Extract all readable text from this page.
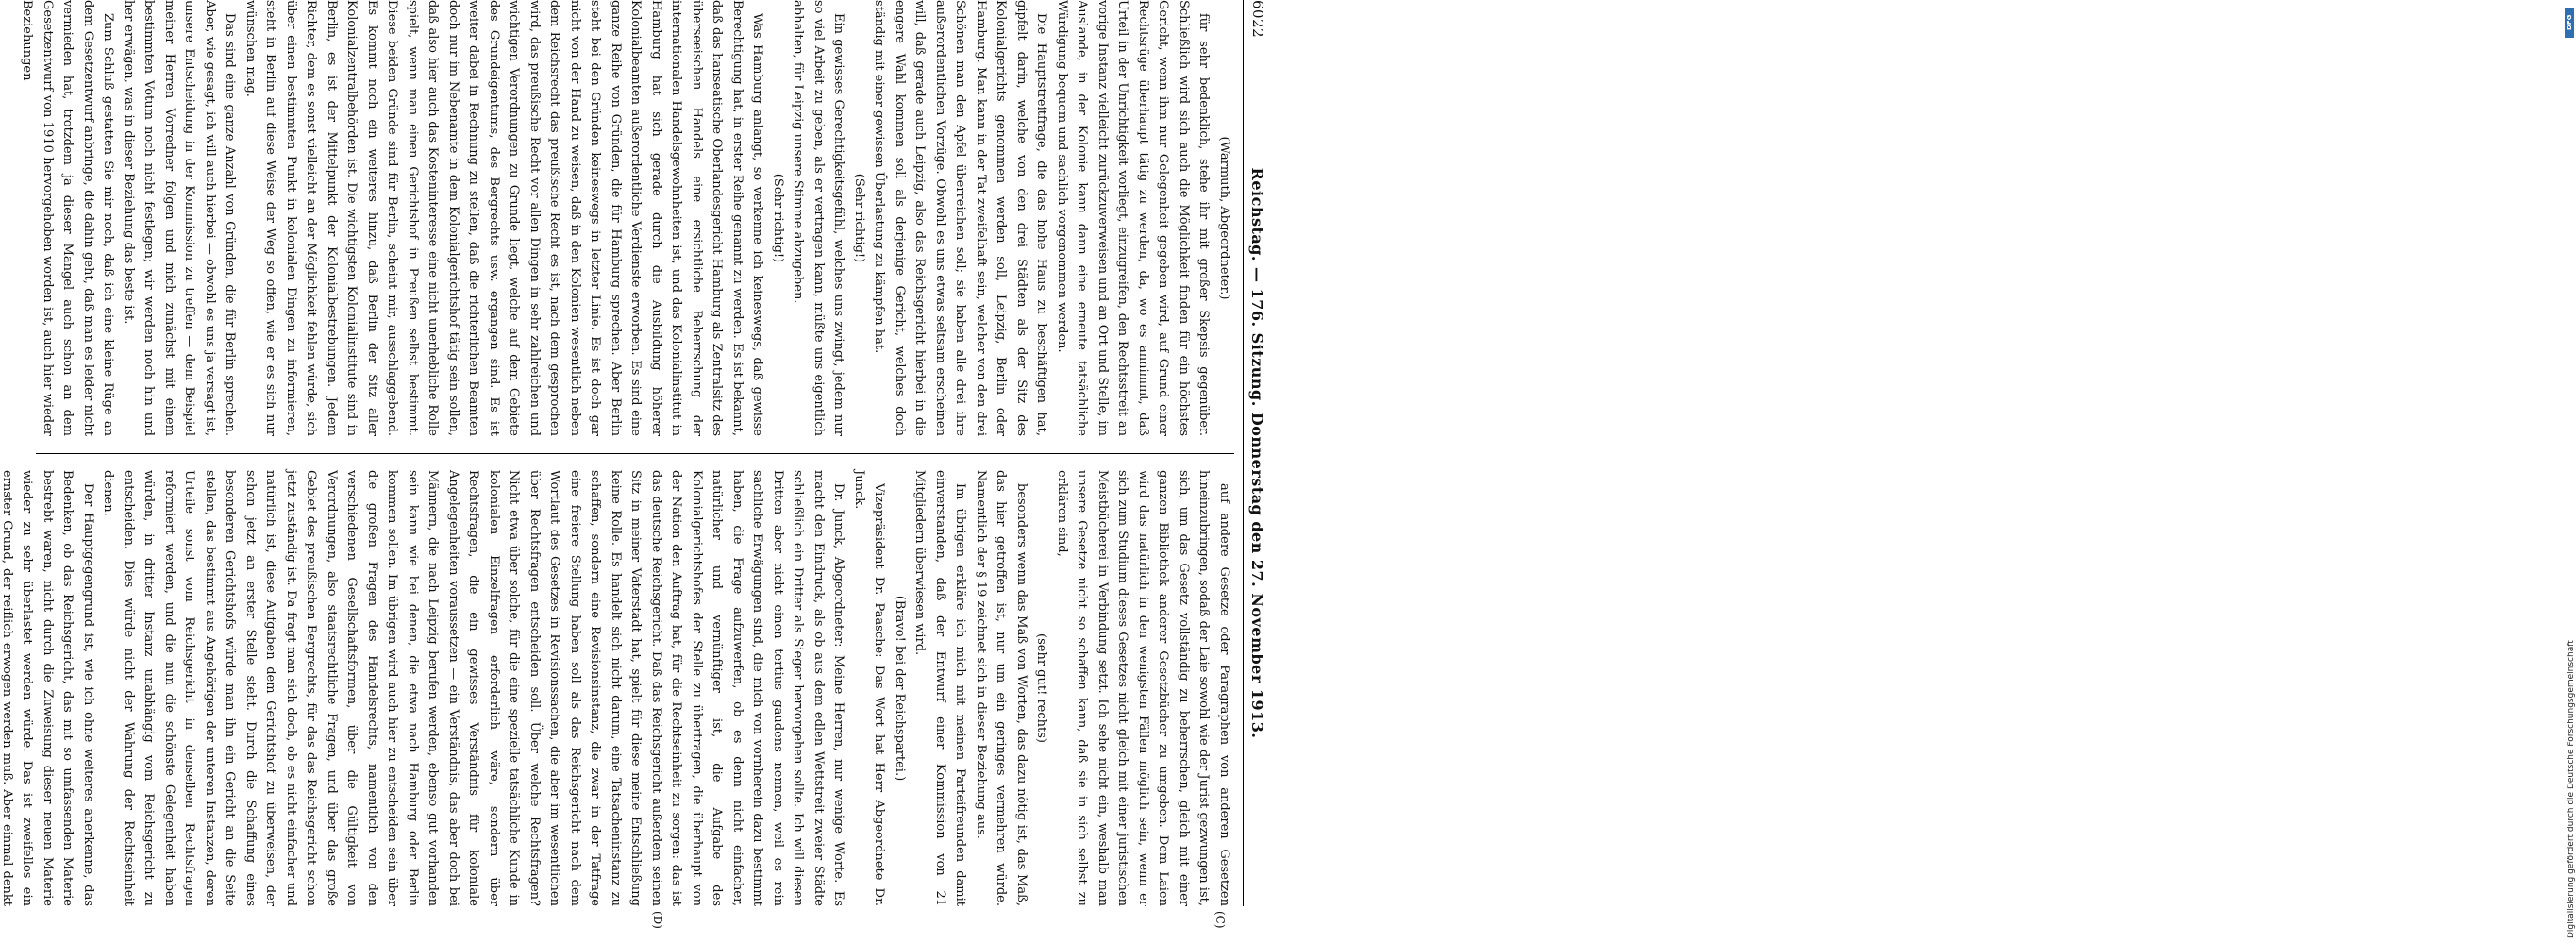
6022
Reichstag. — 176. Sitzung. Donnerstag den 27. November 1913.
(C)
(D)

(Warmuth, Abgeordneter.)

für sehr bedenklich, stehe ihr mit großer Skepsis gegenüber. Schließlich wird sich auch die Möglichkeit finden für ein höchstes Gericht, wenn ihm nur Gelegenheit gegeben wird, auf Grund einer Rechtsrüge überhaupt tätig zu werden, da, wo es annimmt, daß Urteil in der Unrichtigkeit vorliegt, einzugreifen, den Rechtsstreit an vorige Instanz vielleicht zurückzuverweisen und an Ort und Stelle, im Auslande, in der Kolonie kann dann eine erneute tatsächliche Würdigung bequem und sachlich vorgenommen werden.

Die Hauptstreitfrage, die das hohe Haus zu beschäftigen hat, gipfelt darin, welche von den drei Städten als der Sitz des Kolonialgerichts genommen werden soll, Leipzig, Berlin oder Hamburg. Man kann in der Tat zweifelhaft sein, welcher von den drei Schönen man den Apfel überreichen soll; sie haben alle drei ihre außerordentlichen Vorzüge. Obwohl es uns etwas seltsam erscheinen will, daß gerade auch Leipzig, also das Reichsgericht hierbei in die engere Wahl kommen soll als derjenige Gericht, welches doch ständig mit einer gewissen Überlastung zu kämpfen hat.

(Sehr richtig!)

Ein gewisses Gerechtigkeitsgefühl, welches uns zwingt, jedem nur so viel Arbeit zu geben, als er vertragen kann, müßte uns eigentlich abhalten, für Leipzig unsere Stimme abzugeben.

(Sehr richtig!)

Was Hamburg anlangt, so verkenne ich keineswegs, daß gewisse Berechtigung hat, in erster Reihe genannt zu werden. Es ist bekannt, daß das hanseatische Oberlandesgericht Hamburg als Zentralsitz des überseeischen Handels eine ersichtliche Beherrschung der internationalen Handelsgewohnheiten ist, und das Kolonialinstitut in Hamburg hat sich gerade durch die Ausbildung höherer Kolonialbeamten außerordentliche Verdienste erworben. Es sind eine ganze Reihe von Gründen, die für Hamburg sprechen. Aber Berlin steht bei den Gründen keineswegs in letzter Linie. Es ist doch gar nicht von der Hand zu weisen, daß in den Kolonien wesentlich neben dem Reichsrecht das preußische Recht es ist, nach dem gesprochen wird, das preußische Recht vor allen Dingen in sehr zahlreichen und wichtigen Verordnungen zu Grunde liegt, welche auf dem Gebiete des Grundeigentums, des Bergrechts usw. ergangen sind. Es ist weiter dabei in Rechnung zu stellen, daß die richterlichen Beamten doch nur im Nebenamte in dem Kolonialgerichtshof tätig sein sollen, daß also hier auch das Kosteninteresse eine nicht unerhebliche Rolle spielt, wenn man einen Gerichtshof in Preußen selbst bestimmt. Diese beiden Gründe sind für Berlin, scheint mir, ausschlaggebend. Es kommt noch ein weiteres hinzu, daß Berlin der Sitz aller Kolonialzentralbehörden ist. Die wichtigsten Kolonialinstitute sind in Berlin, es ist der Mittelpunkt der Kolonialbestrebungen. Jedem Richter, dem es sonst vielleicht an der Möglichkeit fehlen würde, sich über einen bestimmten Punkt in kolonialen Dingen zu informieren, steht in Berlin auf diese Weise der Weg so offen, wie er es sich nur wünschen mag.

Das sind eine ganze Anzahl von Gründen, die für Berlin sprechen. Aber, wie gesagt, ich will auch hierbei — obwohl es uns ja versagt ist, unsere Entscheidung in der Kommission zu treffen — dem Beispiel meiner Herren Vorredner folgen und mich zunächst mit einem bestimmten Votum noch nicht festlegen; wir werden noch hin und her erwägen, was in dieser Beziehung das beste ist.

Zum Schluß gestatten Sie mir noch, daß ich eine kleine Rüge an dem Gesetzentwurf anbringe, die dahin geht, daß man es leider nicht vermieden hat, trotzdem ja dieser Mangel auch schon an dem Gesetzentwurf von 1910 hervorgehoben worden ist, auch hier wieder Beziehungen

auf andere Gesetze oder Paragraphen von anderen Gesetzen hineinzubringen, sodaß der Laie sowohl wie der Jurist gezwungen ist, sich, um das Gesetz vollständig zu beherrschen, gleich mit einer ganzen Bibliothek anderer Gesetzbücher zu umgeben. Dem Laien wird das natürlich in den wenigsten Fällen möglich sein, wenn er sich zum Studium dieses Gesetzes nicht gleich mit einer juristischen Meistbücherei in Verbindung setzt. Ich sehe nicht ein, weshalb man unsere Gesetze nicht so schaffen kann, daß sie in sich selbst zu erklären sind,

(sehr gut! rechts)

besonders wenn das Maß von Worten, das dazu nötig ist, das Maß, das hier getroffen ist, nur um ein geringes vermehren würde. Namentlich der § 19 zeichnet sich in dieser Beziehung aus.

Im übrigen erkläre ich mich mit meinen Parteifreunden damit einverstanden, daß der Entwurf einer Kommission von 21 Mitgliedern überwiesen wird.

(Bravo! bei der Reichspartei.)

Vizepräsident Dr. Paasche: Das Wort hat Herr Abgeordnete Dr. Junck.

Dr. Junck, Abgeordneter: Meine Herren, nur wenige Worte. Es macht den Eindruck, als ob aus dem edlen Wettstreit zweier Städte schließlich ein Dritter als Sieger hervorgehen sollte. Ich will diesen Dritten aber nicht einen tertius gaudens nennen, weil es rein sachliche Erwägungen sind, die mich von vornherein dazu bestimmt haben, die Frage aufzuwerfen, ob es denn nicht einfacher, natürlicher und vernünftiger ist, die Aufgabe des Kolonialgerichtshofes der Stelle zu übertragen, die überhaupt von der Nation den Auftrag hat, für die Rechtseinheit zu sorgen: das ist das deutsche Reichsgericht. Daß das Reichsgericht außerdem seinen Sitz in meiner Vaterstadt hat, spielt für diese meine Entschließung keine Rolle. Es handelt sich nicht darum, eine Tatsacheninstanz zu schaffen, sondern eine Revisionsinstanz, die zwar in der Tatfrage eine freiere Stellung haben soll als das Reichsgericht nach dem Wortlaut des Gesetzes in Revisionssachen, die aber im wesentlichen über Rechtsfragen entscheiden soll. Über welche Rechtsfragen? Nicht etwa über solche, für die eine spezielle tatsächliche Kunde in kolonialen Einzelfragen erforderlich wäre, sondern über Rechtsfragen, die ein gewisses Verständnis für koloniale Angelegenheiten voraussetzen — ein Verständnis, das aber doch bei Männern, die nach Leipzig berufen werden, ebenso gut vorhanden sein kann wie bei denen, die etwa nach Hamburg oder Berlin kommen sollen. Im übrigen wird auch hier zu entscheiden sein über die großen Fragen des Handelsrechts, namentlich von den verschiedenen Gesellschaftsformen, über die Gültigkeit von Verordnungen, also staatsrechtliche Fragen, und über das große Gebiet des preußischen Bergrechts, für das das Reichsgericht schon jetzt zuständig ist. Da fragt man sich doch, ob es nicht einfacher und natürlich ist, diese Aufgaben dem Gerichtshof zu überweisen, der schon jetzt an erster Stelle steht. Durch die Schaffung eines besonderen Gerichtshofs würde man ihn ein Gericht an die Seite stellen, das bestimmt aus Angehörigen der unteren Instanzen, deren Urteile sonst vom Reichsgericht in denselben Rechtsfragen reformiert werden, und die nun die schönste Gelegenheit haben würden, in dritter Instanz unabhängig vom Reichsgericht zu entscheiden. Dies würde nicht der Wahrung der Rechtseinheit dienen.

Der Hauptgegengrund ist, wie ich ohne weiteres anerkenne, das Bedenken, ob das Reichsgericht, das mit so umfassenden Materie bestrebt waren, nicht durch die Zuweisung dieser neuen Materie wieder zu sehr überlastet werden würde. Das ist zweifellos ein ernster Grund, der reiflich erwogen werden muß. Aber einmal denkt

DFG
Digitalisierung gefördert durch die Deutsche Forschungsgemeinschaft
